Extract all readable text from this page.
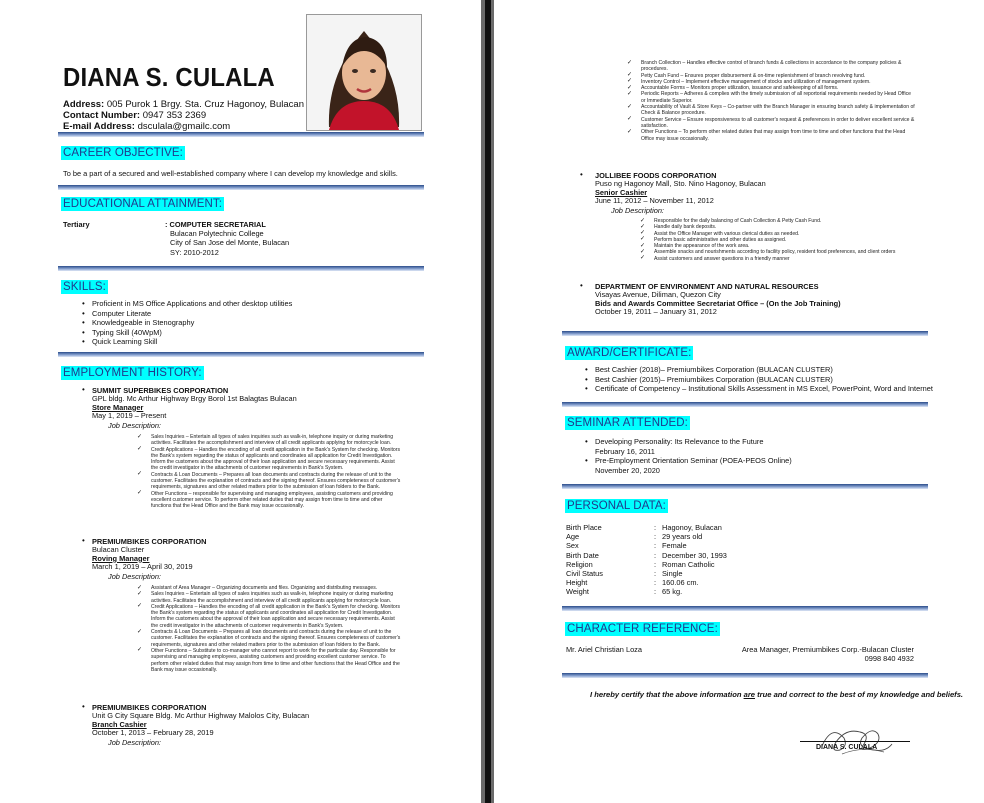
DIANA S. CULALA
Address: 005 Purok 1 Brgy. Sta. Cruz Hagonoy, Bulacan
Contact Number: 0947 353 2369
E-mail Address: dsculala@gmailc.com
CAREER OBJECTIVE:
To be a part of a secured and well-established company where I can develop my knowledge and skills.
EDUCATIONAL ATTAINMENT:
Tertiary	: COMPUTER SECRETARIAL
Bulacan Polytechnic College
City of San Jose del Monte, Bulacan
SY: 2010-2012
SKILLS:
• Proficient in MS Office Applications and other desktop utilities
• Computer Literate
• Knowledgeable in Stenography
• Typing Skill (40WpM)
• Quick Learning Skill
EMPLOYMENT HISTORY:
• SUMMIT SUPERBIKES CORPORATION
GPL bldg. Mc Arthur Highway Brgy Borol 1st Balagtas Bulacan
Store Manager
May 1, 2019 – Present
Job Description:
✓ Sales Inquiries – Entertain all types of sales inquiries such as walk-in, telephone inquiry or during marketing activities. Facilitates the accomplishment and interview of all credit applicants applying for motorcycle loan.
✓ Credit Applications – Handles the encoding of all credit application in the Bank's System for checking. Monitors the Bank's system regarding the status of applicants and coordinates all application for Credit Investigation. Inform the customers about the approval of their loan application and secure necessary requirements. Assist the credit investigator in the attachments of customer requirements in Bank's System.
✓ Contracts & Loan Documents – Prepares all loan documents and contracts during the release of unit to the customer. Facilitates the explanation of contracts and the signing thereof. Ensures completeness of customer's requirements, signatures and other related matters prior to the submission of loan folders to the Bank.
✓ Other Functions – responsible for supervising and managing employees, assisting customers and providing excellent customer service. To perform other related duties that may assign from time to time and other functions that the Head Office and the Bank may issue occasionally.
• PREMIUMBIKES CORPORATION
Bulacan Cluster
Roving Manager
March 1, 2019 – April 30, 2019
Job Description:
✓ Assistant of Area Manager – Organizing documents and files. Organizing and distributing messages.
✓ Sales Inquiries – Entertain all types of sales inquiries such as walk-in, telephone inquiry or during marketing activities. Facilitates the accomplishment and interview of all credit applicants applying for motorcycle loan.
✓ Credit Applications – Handles the encoding of all credit application in the Bank's System for checking. Monitors the Bank's system regarding the status of applicants and coordinates all application for Credit Investigation. Inform the customers about the approval of their loan application and secure necessary requirements. Assist the credit investigator in the attachments of customer requirements in Bank's System.
✓ Contracts & Loan Documents – Prepares all loan documents and contracts during the release of unit to the customer. Facilitates the explanation of contracts and the signing thereof. Ensures completeness of customer's requirements, signatures and other related matters prior to the submission of loan folders to the Bank.
✓ Other Functions – Substitute to co-manager who cannot report to work for the particular day. Responsible for supervising and managing employees, assisting customers and providing excellent customer service. To perform other related duties that may assign from time to time and other functions that the Head Office and the Bank may issue occasionally.
• PREMIUMBIKES CORPORATION
Unit G City Square Bldg. Mc Arthur Highway Malolos City, Bulacan
Branch Cashier
October 1, 2013 – February 28, 2019
Job Description:
✓ Branch Collection – Handles effective control of branch funds & collections in accordance to the company policies & procedures.
✓ Petty Cash Fund – Ensures proper disbursement & on-time replenishment of branch revolving fund.
✓ Inventory Control – Implement effective management of stocks and utilization of management system.
✓ Accountable Forms – Monitors proper utilization, issuance and safekeeping of all forms.
✓ Periodic Reports – Adheres & complies with the timely submission of all reportorial requirements needed by Head Office or Immediate Superior.
✓ Accountability of Vault & Store Keys – Co-partner with the Branch Manager in ensuring branch safety & implementation of Check & Balance procedure.
✓ Customer Service – Ensure responsiveness to all customer's request & preferences in order to deliver excellent service & satisfaction.
✓ Other Functions – To perform other related duties that may assign from time to time and other functions that the Head Office may issue occasionally.
• JOLLIBEE FOODS CORPORATION
Puso ng Hagonoy Mall, Sto. Nino Hagonoy, Bulacan
Senior Cashier
June 11, 2012 – November 11, 2012
Job Description:
✓ Responsible for the daily balancing of Cash Collection & Petty Cash Fund.
✓ Handle daily bank deposits.
✓ Assist the Office Manager with various clerical duties as needed.
✓ Perform basic administrative and other duties as assigned.
✓ Maintain the appearance of the work area.
✓ Assemble snacks and nourishments according to facility policy, resident food preferences, and client orders
✓ Assist customers and answer questions in a friendly manner
• DEPARTMENT OF ENVIRONMENT AND NATURAL RESOURCES
Visayas Avenue, Diliman, Quezon City
Bids and Awards Committee Secretariat Office – (On the Job Training)
October 19, 2011 – January 31, 2012
AWARD/CERTIFICATE:
• Best Cashier (2018)– Premiumbikes Corporation (BULACAN CLUSTER)
• Best Cashier (2015)– Premiumbikes Corporation (BULACAN CLUSTER)
• Certificate of Competency – Institutional Skills Assessment in MS Excel, PowerPoint, Word and Internet
SEMINAR ATTENDED:
• Developing Personality: Its Relevance to the Future
February 16, 2011
• Pre-Employment Orientation Seminar (POEA-PEOS Online)
November 20, 2020
PERSONAL DATA:
Birth Place	:	Hagonoy, Bulacan
Age	:	29 years old
Sex	:	Female
Birth Date	:	December 30, 1993
Religion	:	Roman Catholic
Civil Status	:	Single
Height	:	160.06 cm.
Weight	:	65 kg.
CHARACTER REFERENCE:
Mr. Ariel Christian Loza	Area Manager, Premiumbikes Corp.-Bulacan Cluster
0998 840 4932
I hereby certify that the above information are true and correct to the best of my knowledge and beliefs.
DIANA S. CULALA
